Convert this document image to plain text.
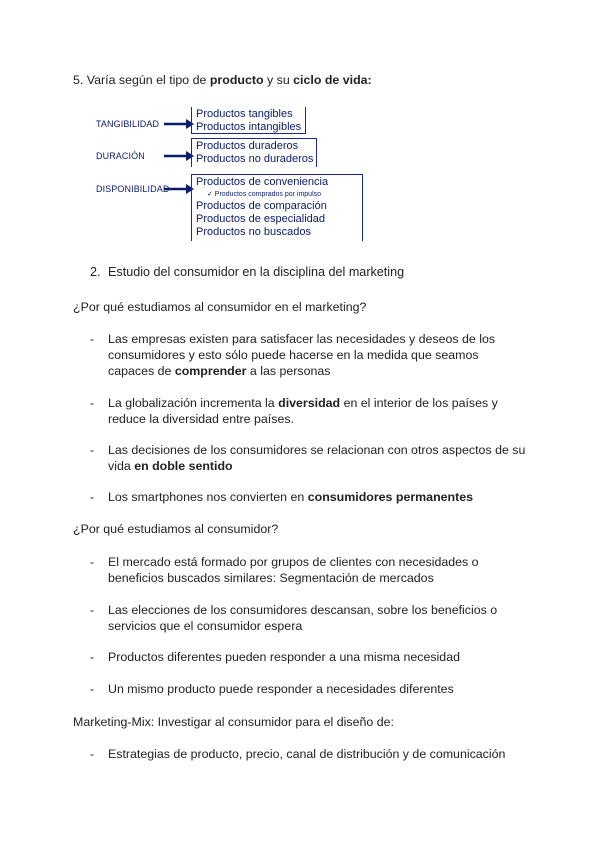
5. Varía según el tipo de producto y su ciclo de vida:
TANGIBILIDAD
Productos tangibles
Productos intangibles
DURACIÓN
Productos duraderos
Productos no duraderos
DISPONIBILIDAD
Productos de conveniencia
✓ Productos comprados por impulso
Productos de comparación
Productos de especialidad
Productos no buscados
2. Estudio del consumidor en la disciplina del marketing
¿Por qué estudiamos al consumidor en el marketing?
- Las empresas existen para satisfacer las necesidades y deseos de los consumidores y esto sólo puede hacerse en la medida que seamos capaces de comprender a las personas
- La globalización incrementa la diversidad en el interior de los países y reduce la diversidad entre países.
- Las decisiones de los consumidores se relacionan con otros aspectos de su vida en doble sentido
- Los smartphones nos convierten en consumidores permanentes
¿Por qué estudiamos al consumidor?
- El mercado está formado por grupos de clientes con necesidades o beneficios buscados similares: Segmentación de mercados
- Las elecciones de los consumidores descansan, sobre los beneficios o servicios que el consumidor espera
- Productos diferentes pueden responder a una misma necesidad
- Un mismo producto puede responder a necesidades diferentes
Marketing-Mix: Investigar al consumidor para el diseño de:
- Estrategias de producto, precio, canal de distribución y de comunicación
